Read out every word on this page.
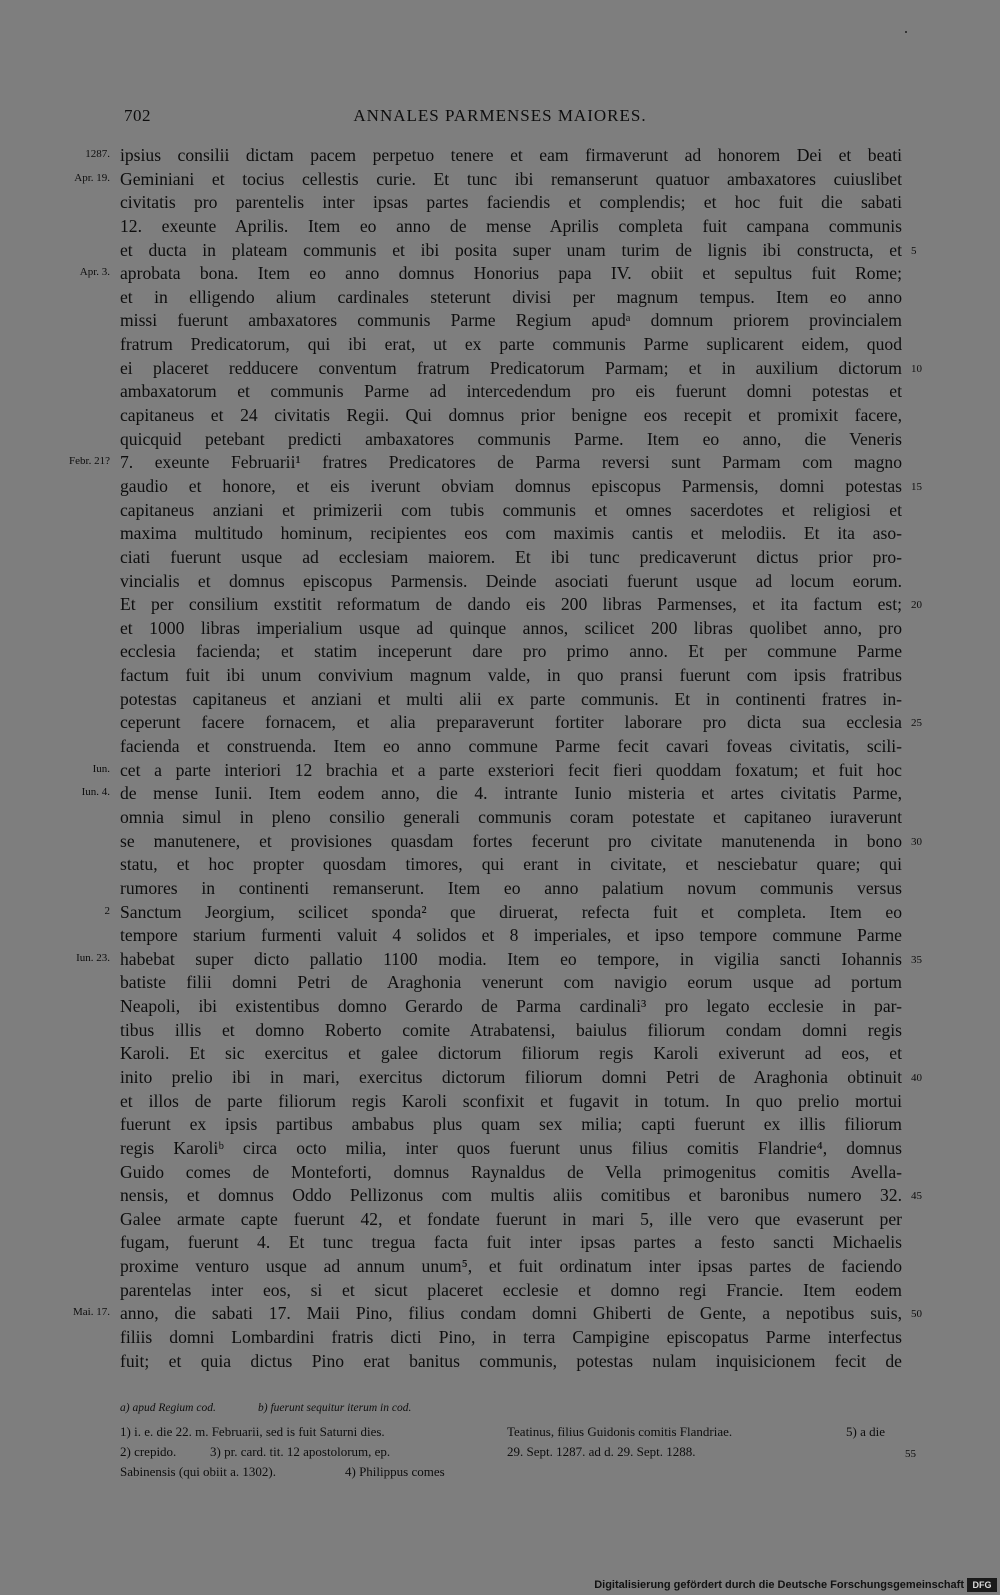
702	ANNALES PARMENSES MAIORES.
1287. ipsius consilii dictam pacem perpetuo tenere et eam firmaverunt ad honorem Dei et beati
Apr. 19. Geminiani et tocius cellestis curie. Et tunc ibi remanserunt quatuor ambaxatores cuiuslibet
civitatis pro parentelis inter ipsas partes faciendis et complendis; et hoc fuit die sabati
12. exeunte Aprilis. Item eo anno de mense Aprilis completa fuit campana communis
et ducta in plateam communis et ibi posita super unam turim de lignis ibi constructa, et 5
Apr. 3. aprobata bona. Item eo anno domnus Honorius papa IV. obiit et sepultus fuit Rome;
et in elligendo alium cardinales steterunt divisi per magnum tempus. Item eo anno
missi fuerunt ambaxatores communis Parme Regium apudᵃ domnum priorem provincialem
fratrum Predicatorum, qui ibi erat, ut ex parte communis Parme suplicarent eidem, quod
ei placeret redducere conventum fratrum Predicatorum Parmam; et in auxilium dictorum 10
ambaxatorum et communis Parme ad intercedendum pro eis fuerunt domni potestas et
capitaneus et 24 civitatis Regii. Qui domnus prior benigne eos recepit et promixit facere,
quicquid petebant predicti ambaxatores communis Parme. Item eo anno, die Veneris
Febr. 21? 7. exeunte Februarii¹ fratres Predicatores de Parma reversi sunt Parmam com magno
gaudio et honore, et eis iverunt obviam domnus episcopus Parmensis, domni potestas 15
capitaneus anziani et primizerii com tubis communis et omnes sacerdotes et religiosi et
maxima multitudo hominum, recipientes eos com maximis cantis et melodiis. Et ita aso-
ciati fuerunt usque ad ecclesiam maiorem. Et ibi tunc predicaverunt dictus prior pro-
vincialis et domnus episcopus Parmensis. Deinde asociati fuerunt usque ad locum eorum.
Et per consilium exstitit reformatum de dando eis 200 libras Parmenses, et ita factum est; 20
et 1000 libras imperialium usque ad quinque annos, scilicet 200 libras quolibet anno, pro
ecclesia facienda; et statim inceperunt dare pro primo anno. Et per commune Parme
factum fuit ibi unum convivium magnum valde, in quo pransi fuerunt com ipsis fratribus
potestas capitaneus et anziani et multi alii ex parte communis. Et in continenti fratres in-
ceperunt facere fornacem, et alia preparaverunt fortiter laborare pro dicta sua ecclesia 25
facienda et construenda. Item eo anno commune Parme fecit cavari foveas civitatis, scili-
Iun. cet a parte interiori 12 brachia et a parte exsteriori fecit fieri quoddam foxatum; et fuit hoc
Iun. 4. de mense Iunii. Item eodem anno, die 4. intrante Iunio misteria et artes civitatis Parme,
omnia simul in pleno consilio generali communis coram potestate et capitaneo iuraverunt
se manutenere, et provisiones quasdam fortes fecerunt pro civitate manutenenda in bono 30
statu, et hoc propter quosdam timores, qui erant in civitate, et nesciebatur quare; qui
rumores in continenti remanserunt. Item eo anno palatium novum communis versus
2 Sanctum Jeorgium, scilicet sponda² que diruerat, refecta fuit et completa. Item eo
tempore starium furmenti valuit 4 solidos et 8 imperiales, et ipso tempore commune Parme
Iun. 23. habebat super dicto pallatio 1100 modia. Item eo tempore, in vigilia sancti Iohannis 35
batiste filii domni Petri de Araghonia venerunt com navigio eorum usque ad portum
Neapoli, ibi existentibus domno Gerardo de Parma cardinali³ pro legato ecclesie in par-
tibus illis et domno Roberto comite Atrabatensi, baiulus filiorum condam domni regis
Karoli. Et sic exercitus et galee dictorum filiorum regis Karoli exiverunt ad eos, et
inito prelio ibi in mari, exercitus dictorum filiorum domni Petri de Araghonia obtinuit 40
et illos de parte filiorum regis Karoli sconfixit et fugavit in totum. In quo prelio mortui
fuerunt ex ipsis partibus ambabus plus quam sex milia; capti fuerunt ex illis filiorum
regis Karoliᵇ circa octo milia, inter quos fuerunt unus filius comitis Flandrie⁴, domnus
Guido comes de Monteforti, domnus Raynaldus de Vella primogenitus comitis Avella-
nensis, et domnus Oddo Pellizonus com multis aliis comitibus et baronibus numero 32. 45
Galee armate capte fuerunt 42, et fondate fuerunt in mari 5, ille vero que evaserunt per
fugam, fuerunt 4. Et tunc tregua facta fuit inter ipsas partes a festo sancti Michaelis
proxime venturo usque ad annum unum⁵, et fuit ordinatum inter ipsas partes de faciendo
parentelas inter eos, si et sicut placeret ecclesie et domno regi Francie. Item eodem
Mai. 17. anno, die sabati 17. Maii Pino, filius condam domni Ghiberti de Gente, a nepotibus suis, 50
filiis domni Lombardini fratris dicti Pino, in terra Campigine episcopatus Parme interfectus
fuit; et quia dictus Pino erat banitus communis, potestas nulam inquisicionem fecit de
a) apud Regium cod.	b) fuerunt sequitur iterum in cod.
1) i. e. die 22. m. Februarii, sed is fuit Saturni dies.	Teatinus, filius Guidonis comitis Flandriae.	5) a die
2) crepido.	3) pr. card. tit. 12 apostolorum, ep.	29. Sept. 1287. ad d. 29. Sept. 1288.	55
Sabinensis (qui obiit a. 1302).	4) Philippus comes
Digitalisierung gefördert durch die Deutsche Forschungsgemeinschaft DFG
